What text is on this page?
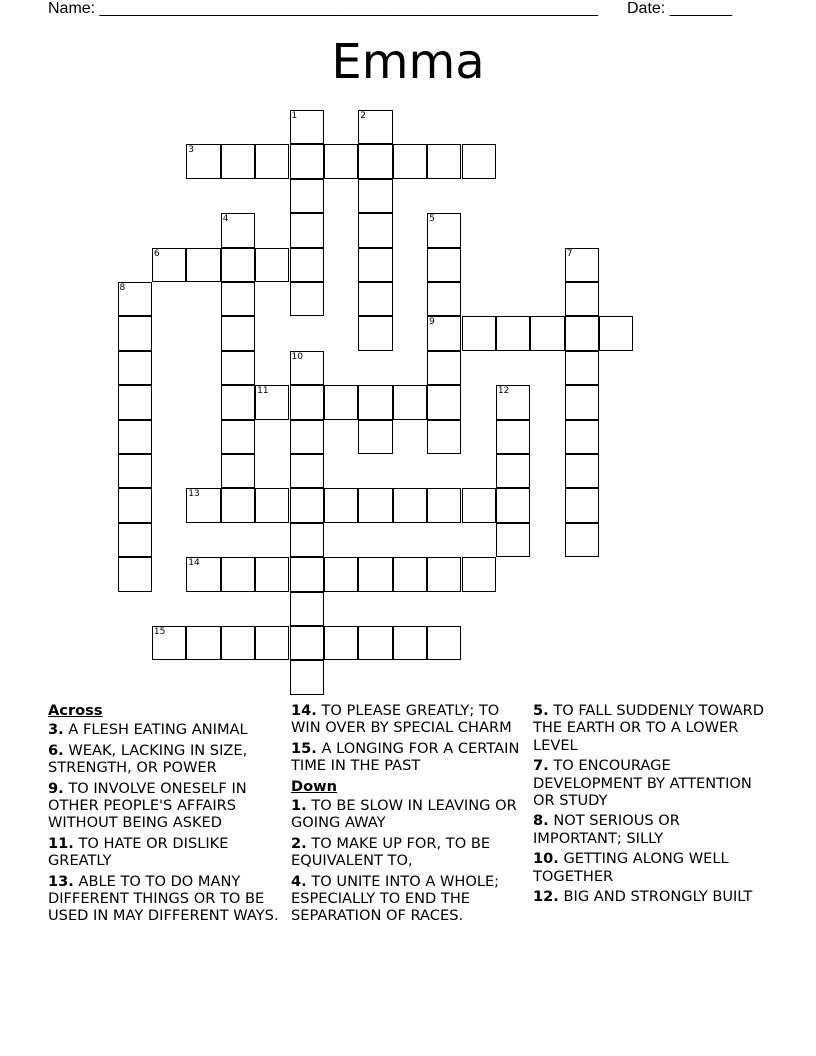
Name: ________________________________________________________ Date: _______
Emma
1	2
3
4	5
6	7
8
9
10
11	12
13
14
15
Across
3. A FLESH EATING ANIMAL
6. WEAK, LACKING IN SIZE, STRENGTH, OR POWER
9. TO INVOLVE ONESELF IN OTHER PEOPLE'S AFFAIRS WITHOUT BEING ASKED
11. TO HATE OR DISLIKE GREATLY
13. ABLE TO TO DO MANY DIFFERENT THINGS OR TO BE USED IN MAY DIFFERENT WAYS.
14. TO PLEASE GREATLY; TO WIN OVER BY SPECIAL CHARM
15. A LONGING FOR A CERTAIN TIME IN THE PAST
Down
1. TO BE SLOW IN LEAVING OR GOING AWAY
2. TO MAKE UP FOR, TO BE EQUIVALENT TO,
4. TO UNITE INTO A WHOLE; ESPECIALLY TO END THE SEPARATION OF RACES.
5. TO FALL SUDDENLY TOWARD THE EARTH OR TO A LOWER LEVEL
7. TO ENCOURAGE DEVELOPMENT BY ATTENTION OR STUDY
8. NOT SERIOUS OR IMPORTANT; SILLY
10. GETTING ALONG WELL TOGETHER
12. BIG AND STRONGLY BUILT
